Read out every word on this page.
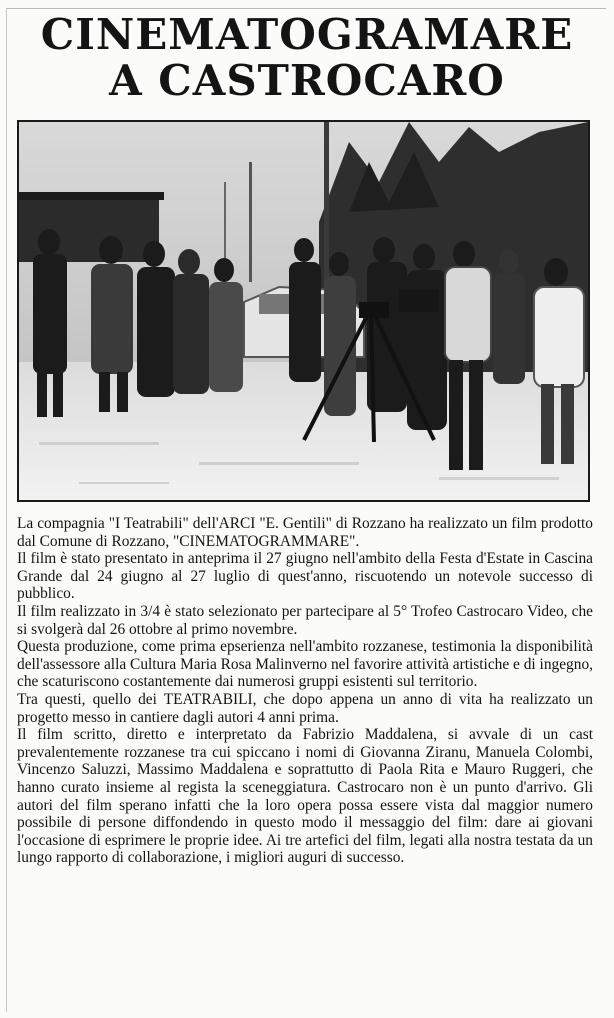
CINEMATOGRAMARE
A CASTROCARO

La compagnia "I Teatrabili" dell'ARCI "E. Gentili" di Rozzano ha realizzato un film prodotto dal Comune di Rozzano, "CINEMATOGRAMMARE".

Il film è stato presentato in anteprima il 27 giugno nell'ambito della Festa d'Estate in Cascina Grande dal 24 giugno al 27 luglio di quest'anno, riscuotendo un notevole successo di pubblico.

Il film realizzato in 3/4 è stato selezionato per partecipare al 5° Trofeo Castrocaro Video, che si svolgerà dal 26 ottobre al primo novembre.

Questa produzione, come prima epserienza nell'ambito rozzanese, testimonia la disponibilità dell'assessore alla Cultura Maria Rosa Malinverno nel favorire attività artistiche e di ingegno, che scaturiscono costantemente dai numerosi gruppi esistenti sul territorio.

Tra questi, quello dei TEATRABILI, che dopo appena un anno di vita ha realizzato un progetto messo in cantiere dagli autori 4 anni prima.

Il film scritto, diretto e interpretato da Fabrizio Maddalena, si avvale di un cast prevalentemente rozzanese tra cui spiccano i nomi di Giovanna Ziranu, Manuela Colombi, Vincenzo Saluzzi, Massimo Maddalena e soprattutto di Paola Rita e Mauro Ruggeri, che hanno curato insieme al regista la sceneggiatura. Castrocaro non è un punto d'arrivo. Gli autori del film sperano infatti che la loro opera possa essere vista dal maggior numero possibile di persone diffondendo in questo modo il messaggio del film: dare ai giovani l'occasione di esprimere le proprie idee. Ai tre artefici del film, legati alla nostra testata da un lungo rapporto di collaborazione, i migliori auguri di successo.
